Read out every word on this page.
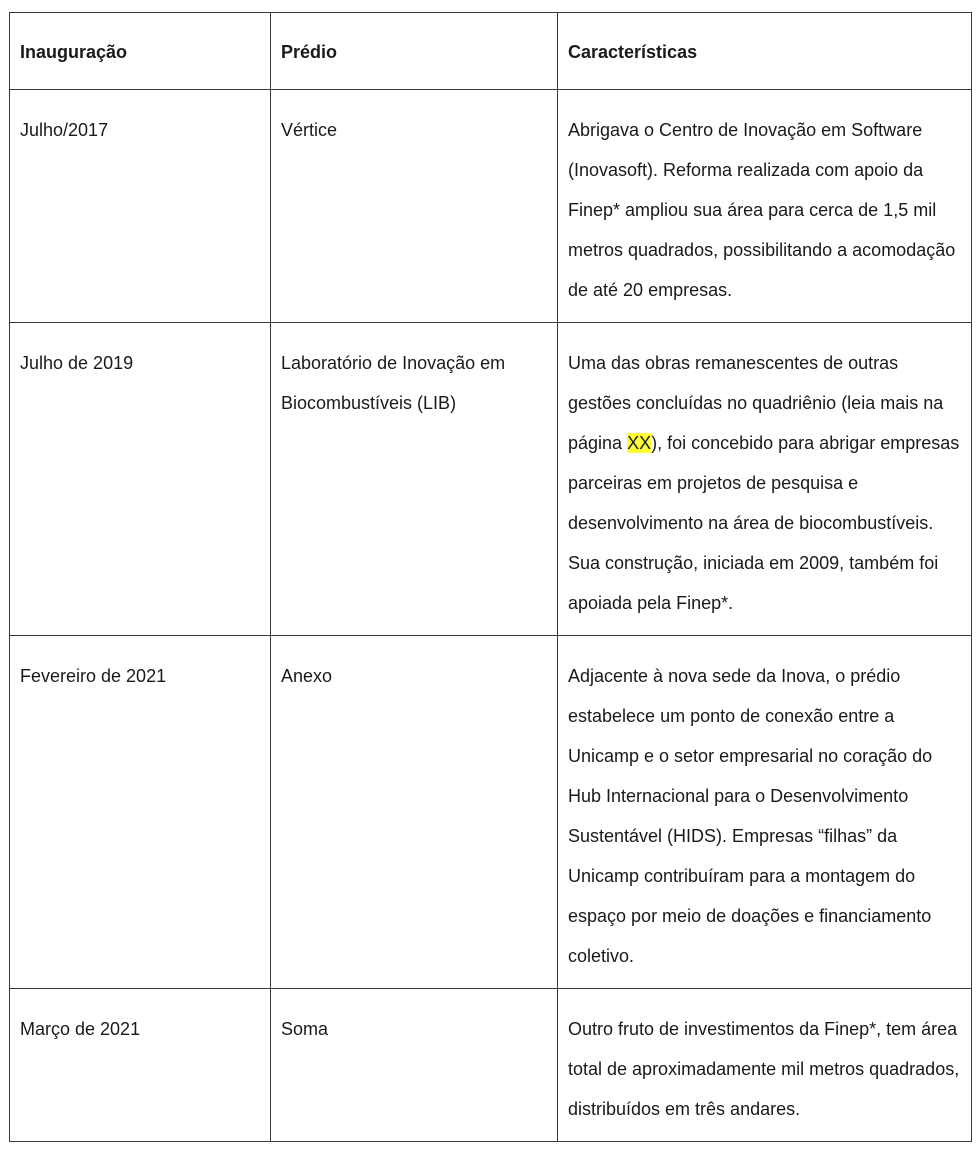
Inauguração	Prédio	Características
Julho/2017	Vértice	Abrigava o Centro de Inovação em Software (Inovasoft). Reforma realizada com apoio da Finep* ampliou sua área para cerca de 1,5 mil metros quadrados, possibilitando a acomodação de até 20 empresas.
Julho de 2019	Laboratório de Inovação em Biocombustíveis (LIB)	Uma das obras remanescentes de outras gestões concluídas no quadriênio (leia mais na página XX), foi concebido para abrigar empresas parceiras em projetos de pesquisa e desenvolvimento na área de biocombustíveis. Sua construção, iniciada em 2009, também foi apoiada pela Finep*.
Fevereiro de 2021	Anexo	Adjacente à nova sede da Inova, o prédio estabelece um ponto de conexão entre a Unicamp e o setor empresarial no coração do Hub Internacional para o Desenvolvimento Sustentável (HIDS). Empresas “filhas” da Unicamp contribuíram para a montagem do espaço por meio de doações e financiamento coletivo.
Março de 2021	Soma	Outro fruto de investimentos da Finep*, tem área total de aproximadamente mil metros quadrados, distribuídos em três andares.
